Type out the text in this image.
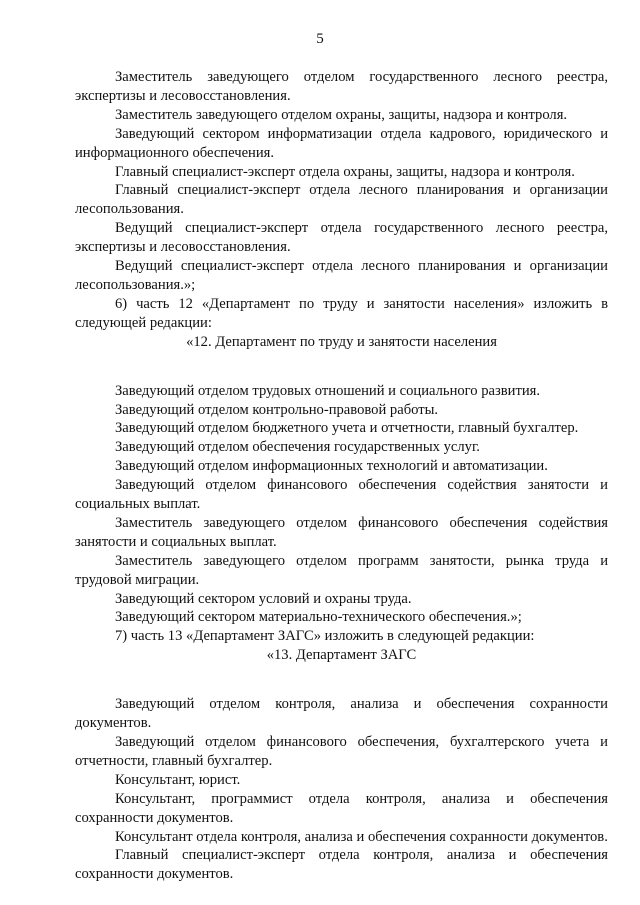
5

Заместитель заведующего отделом государственного лесного реестра, экспертизы и лесовосстановления.

Заместитель заведующего отделом охраны, защиты, надзора и контроля.

Заведующий сектором информатизации отдела кадрового, юридического и информационного обеспечения.

Главный специалист-эксперт отдела охраны, защиты, надзора и контроля.

Главный специалист-эксперт отдела лесного планирования и организации лесопользования.

Ведущий специалист-эксперт отдела государственного лесного реестра, экспертизы и лесовосстановления.

Ведущий специалист-эксперт отдела лесного планирования и организации лесопользования.»;

6) часть 12 «Департамент по труду и занятости населения» изложить в следующей редакции:

«12. Департамент по труду и занятости населения

Заведующий отделом трудовых отношений и социального развития.

Заведующий отделом контрольно-правовой работы.

Заведующий отделом бюджетного учета и отчетности, главный бухгалтер.

Заведующий отделом обеспечения государственных услуг.

Заведующий отделом информационных технологий и автоматизации.

Заведующий отделом финансового обеспечения содействия занятости и социальных выплат.

Заместитель заведующего отделом финансового обеспечения содействия занятости и социальных выплат.

Заместитель заведующего отделом программ занятости, рынка труда и трудовой миграции.

Заведующий сектором условий и охраны труда.

Заведующий сектором материально-технического обеспечения.»;

7) часть 13 «Департамент ЗАГС» изложить в следующей редакции:

«13. Департамент ЗАГС

Заведующий отделом контроля, анализа и обеспечения сохранности документов.

Заведующий отделом финансового обеспечения, бухгалтерского учета и отчетности, главный бухгалтер.

Консультант, юрист.

Консультант, программист отдела контроля, анализа и обеспечения сохранности документов.

Консультант отдела контроля, анализа и обеспечения сохранности документов.

Главный специалист-эксперт отдела контроля, анализа и обеспечения сохранности документов.
